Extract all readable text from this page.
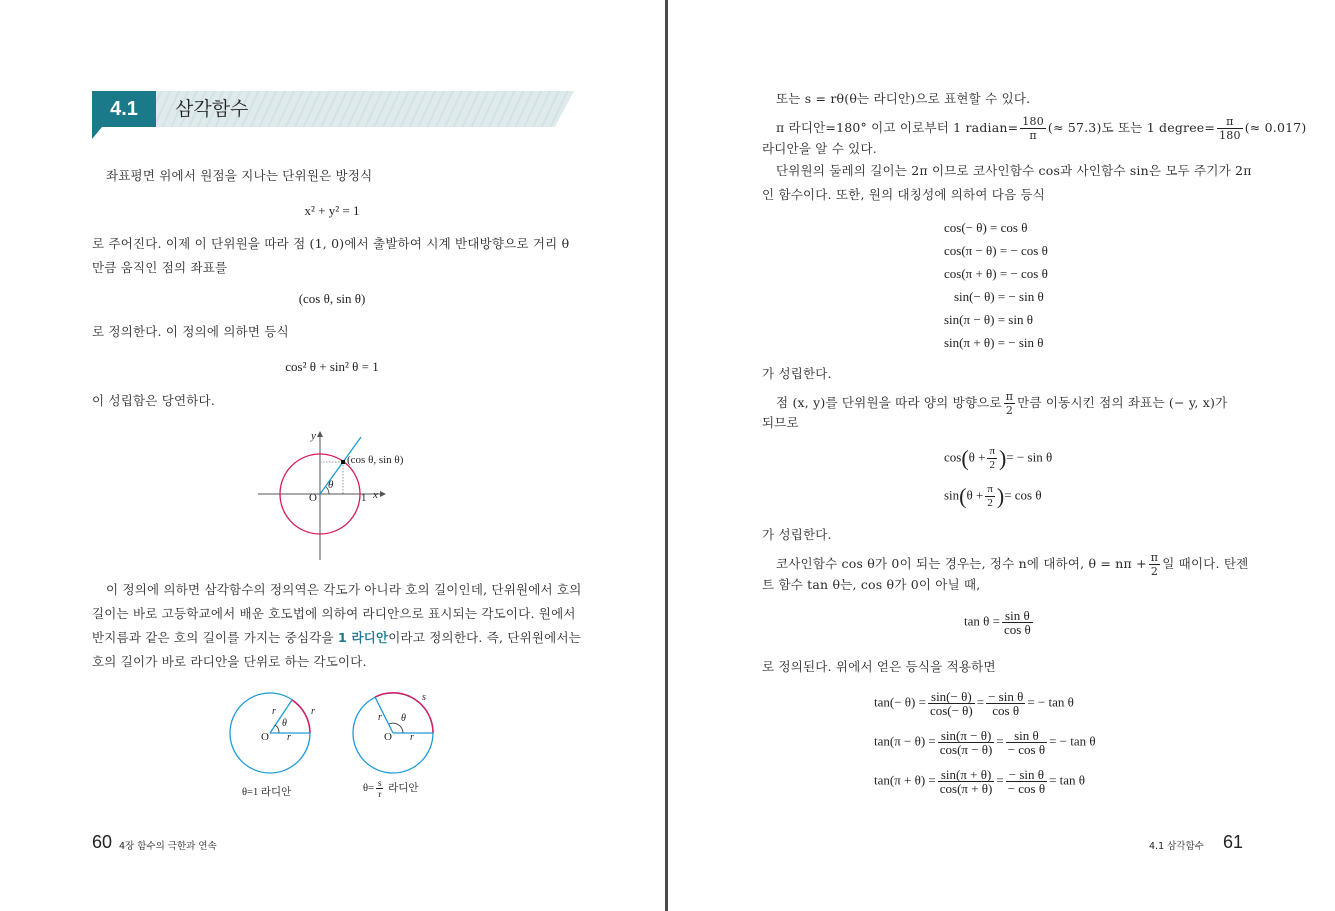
4.1	삼각함수
좌표평면 위에서 원점을 지나는 단위원은 방정식
x² + y² = 1
로 주어진다. 이제 이 단위원을 따라 점 (1, 0)에서 출발하여 시계 반대방향으로 거리 θ
만큼 움직인 점의 좌표를
(cos θ, sin θ)
로 정의한다. 이 정의에 의하면 등식
cos² θ + sin² θ = 1
이 성립함은 당연하다.
y
x
O	1
θ
(cos θ, sin θ)
이 정의에 의하면 삼각함수의 정의역은 각도가 아니라 호의 길이인데, 단위원에서 호의
길이는 바로 고등학교에서 배운 호도법에 의하여 라디안으로 표시되는 각도이다. 원에서
반지름과 같은 호의 길이를 가지는 중심각을 1 라디안이라고 정의한다. 즉, 단위원에서는
호의 길이가 바로 라디안을 단위로 하는 각도이다.
r	r
r
θ
O
θ=1 라디안
r
r
s
θ
O
$\theta= \frac{s}{r}$ 라디안
60 4장 함수의 극한과 연속
또는 s = rθ(θ는 라디안)으로 표현할 수 있다.
π 라디안=180° 이고 이로부터 1 radian= $\frac{180}{\pi}$ (≈ 57.3)도 또는 1 degree= $\frac{\pi}{180}$ (≈ 0.017)
라디안을 알 수 있다.
단위원의 둘레의 길이는 2π 이므로 코사인함수 cos과 사인함수 sin은 모두 주기가 2π
인 함수이다. 또한, 원의 대칭성에 의하여 다음 등식
cos(− θ) = cos θ
cos(π − θ) = − cos θ
cos(π + θ) = − cos θ
sin(− θ) = − sin θ
sin(π − θ) = sin θ
sin(π + θ) = − sin θ
가 성립한다.
점 (x, y)를 단위원을 따라 양의 방향으로 $\frac{\pi}{2}$ 만큼 이동시킨 점의 좌표는 (− y, x)가
되므로
$\cos(\theta + \frac{\pi}{2}$ )= − sin θ
$\sin(\theta + \frac{\pi}{2}$ )= cos θ
가 성립한다.
코사인함수 cos θ가 0이 되는 경우는, 정수 n에 대하여, $\theta = n\pi + \frac{\pi}{2}$ 일 때이다. 탄젠
트 함수 tan θ는, cos θ가 0이 아닐 때,
$\tan \theta = \frac{\text{sin θ}}{\text{cos θ}}$
로 정의된다. 위에서 얻은 등식을 적용하면
$\tan(- \theta) = \frac{\sin(- \theta)}{\cos(- \theta)} = \frac{\text{− sin θ}}{\text{cos θ}}$ = − tan θ
$\tan(\pi - \theta) = \frac{\sin(\pi - \theta)}{\cos(\pi - \theta)} = \frac{\text{sin θ}}{\text{− cos θ}}$ = − tan θ
$\tan(\pi + \theta) = \frac{\sin(\pi + \theta)}{\cos(\pi + \theta)} = \frac{\text{− sin θ}}{\text{− cos θ}} = \tan \theta$
4.1 삼각함수 61
